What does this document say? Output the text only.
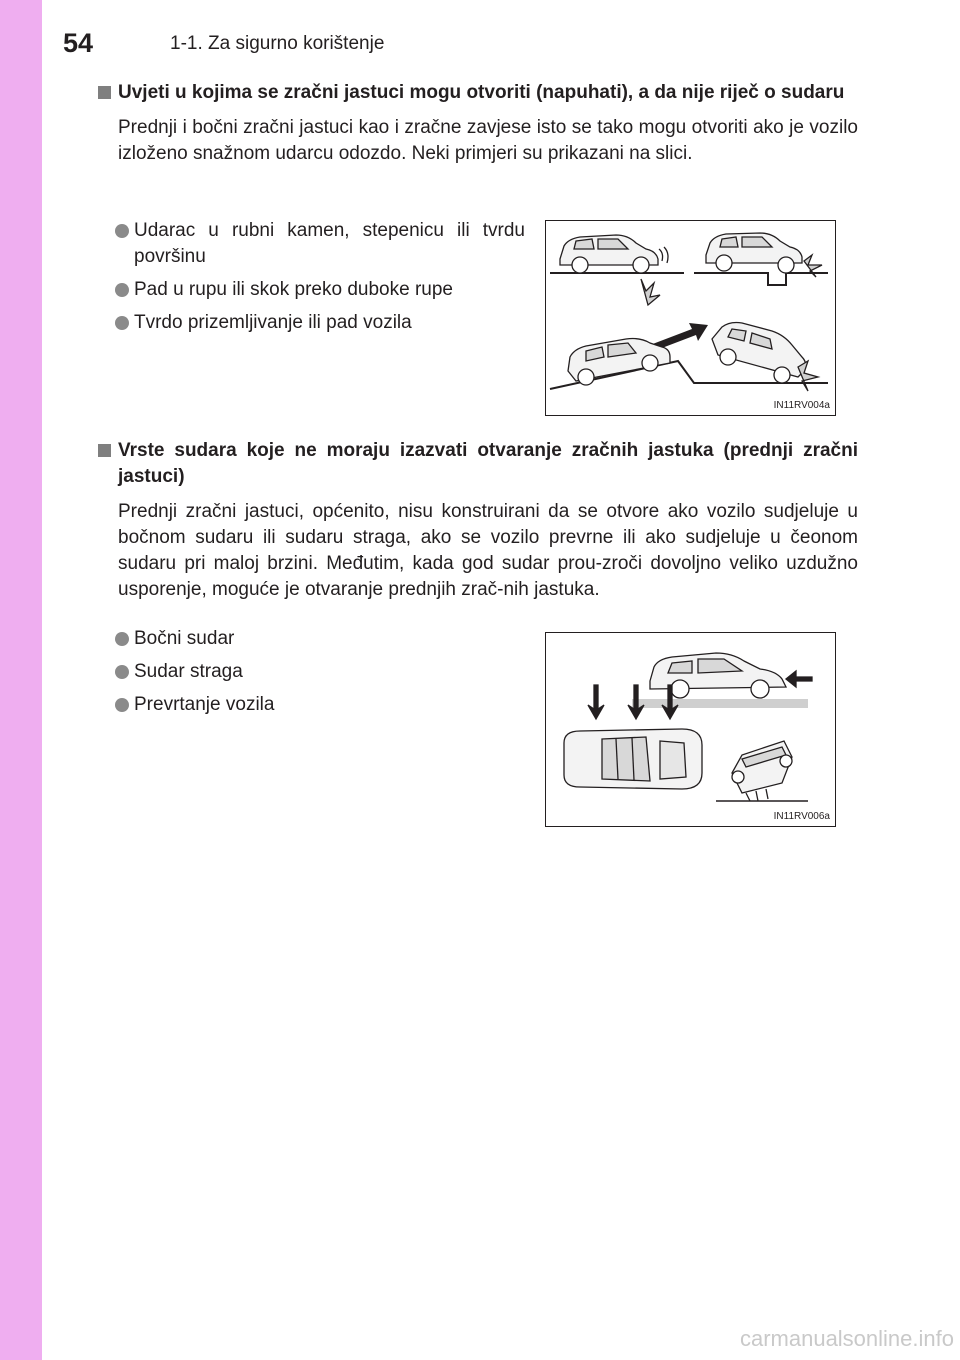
54	1-1. Za sigurno korištenje
Uvjeti u kojima se zračni jastuci mogu otvoriti (napuhati), a da nije riječ o sudaru
Prednji i bočni zračni jastuci kao i zračne zavjese isto se tako mogu otvoriti ako je vozilo izloženo snažnom udarcu odozdo. Neki primjeri su prikazani na slici.
Udarac u rubni kamen, stepenicu ili tvrdu površinu
Pad u rupu ili skok preko duboke rupe
Tvrdo prizemljivanje ili pad vozila
IN11RV004a
Vrste sudara koje ne moraju izazvati otvaranje zračnih jastuka (prednji zračni jastuci)
Prednji zračni jastuci, općenito, nisu konstruirani da se otvore ako vozilo sudjeluje u bočnom sudaru ili sudaru straga, ako se vozilo prevrne ili ako sudjeluje u čeonom sudaru pri maloj brzini. Međutim, kada god sudar prou-zroči dovoljno veliko uzdužno usporenje, moguće je otvaranje prednjih zrač-nih jastuka.
Bočni sudar
Sudar straga
Prevrtanje vozila
IN11RV006a
carmanualsonline.info
